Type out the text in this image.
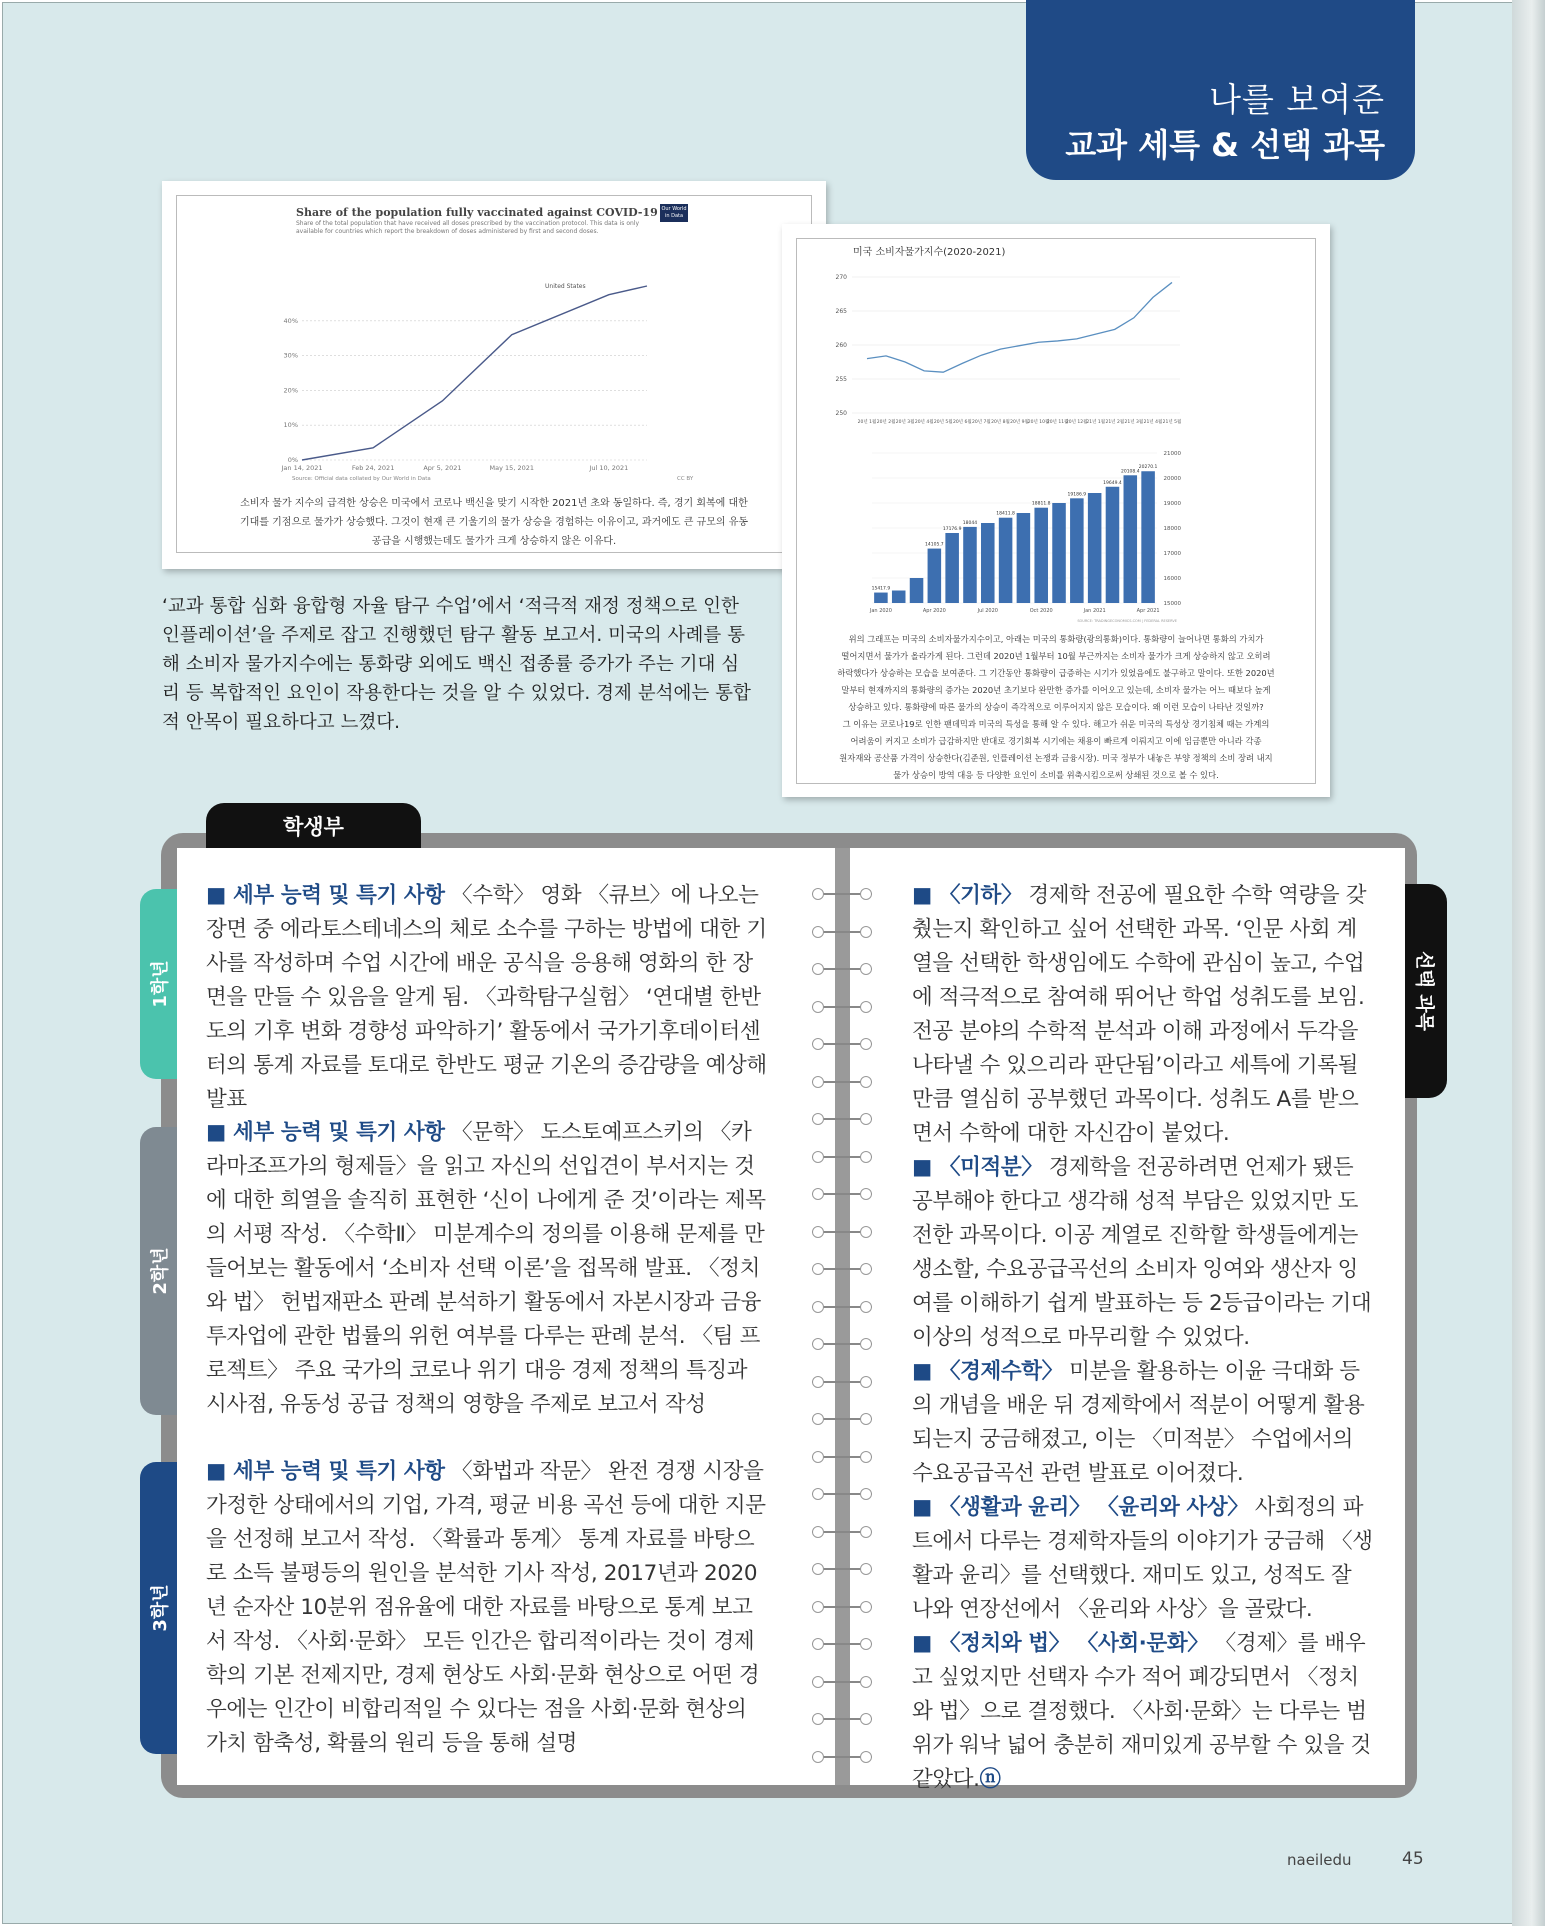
나를 보여준
교과 세특 & 선택 과목
Share of the population fully vaccinated against COVID-19
Share of the total population that have received all doses prescribed by the vaccination protocol. This data is only
available for countries which report the breakdown of doses administered by first and second doses.
Our World in Data
40%
30%
20%
10%
0%
Jan 14, 2021	Feb 24, 2021	Apr 5, 2021	May 15, 2021	Jul 10, 2021
United States
Source: Official data collated by Our World in Data	CC BY
소비자 물가 지수의 급격한 상승은 미국에서 코로나 백신을 맞기 시작한 2021년 초와 동일하다. 즉, 경기 회복에 대한
기대를 기점으로 물가가 상승했다. 그것이 현재 큰 기울기의 물가 상승을 경험하는 이유이고, 과거에도 큰 규모의 유동
공급을 시행했는데도 물가가 크게 상승하지 않은 이유다.
미국 소비자물가지수(2020-2021)
270
265
260
255
250
20년 1월 20년 2월 20년 3월 20년 4월 20년 5월 20년 6월 20년 7월 20년 8월 20년 9월
20년 10월
20년 11월
20년 12월
21년 1월 21년 2월 21년 3월 21년 4월 21년 5월
21000
20000
19000
18000
17000
16000
15000
15417.9
14105.7
17176.9
18044
18411.8
18811.8
19186.9
19649.4
20108.4
20270.1
Jan 2020	Apr 2020	Jul 2020	Oct 2020	Jan 2021	Apr 2021
SOURCE: TRADINGECONOMICS.COM | FEDERAL RESERVE
위의 그래프는 미국의 소비자물가지수이고, 아래는 미국의 통화량(광의통화)이다. 통화량이 늘어나면 통화의 가치가
떨어지면서 물가가 올라가게 된다. 그런데 2020년 1월부터 10월 부근까지는 소비자 물가가 크게 상승하지 않고 오히려
하락했다가 상승하는 모습을 보여준다. 그 기간동안 통화량이 급증하는 시기가 있었음에도 불구하고 말이다. 또한 2020년
말부터 현재까지의 통화량의 증가는 2020년 초기보다 완만한 증가를 이어오고 있는데, 소비자 물가는 어느 때보다 높게
상승하고 있다. 통화량에 따른 물가의 상승이 즉각적으로 이루어지지 않은 모습이다. 왜 이런 모습이 나타난 것일까?
그 이유는 코로나19로 인한 팬데믹과 미국의 특성을 통해 알 수 있다. 해고가 쉬운 미국의 특성상 경기침체 때는 가계의
어려움이 커지고 소비가 급감하지만 반대로 경기회복 시기에는 채용이 빠르게 이뤄지고 이에 임금뿐만 아니라 각종
원자재와 공산품 가격이 상승한다(김준원, 인플레이션 논쟁과 금융시장). 미국 정부가 내놓은 부양 정책의 소비 장려 내지
물가 상승이 방역 대응 등 다양한 요인이 소비를 위축시킴으로써 상쇄된 것으로 볼 수 있다.
‘교과 통합 심화 융합형 자율 탐구 수업’에서 ‘적극적 재정 정책으로 인한 인플레이션’을 주제로 잡고 진행했던 탐구 활동 보고서. 미국의 사례를 통해 소비자 물가지수에는 통화량 외에도 백신 접종률 증가가 주는 기대 심리 등 복합적인 요인이 작용한다는 것을 알 수 있었다. 경제 분석에는 통합적 안목이 필요하다고 느꼈다.
학생부
1학년
2학년
3학년
선택 과목
■ 세부 능력 및 특기 사항 〈수학〉 영화 〈큐브〉에 나오는 장면 중 에라토스테네스의 체로 소수를 구하는 방법에 대한 기사를 작성하며 수업 시간에 배운 공식을 응용해 영화의 한 장면을 만들 수 있음을 알게 됨. 〈과학탐구실험〉 ‘연대별 한반도의 기후 변화 경향성 파악하기’ 활동에서 국가기후데이터센터의 통계 자료를 토대로 한반도 평균 기온의 증감량을 예상해 발표
■ 세부 능력 및 특기 사항 〈문학〉 도스토예프스키의 〈카라마조프가의 형제들〉을 읽고 자신의 선입견이 부서지는 것에 대한 희열을 솔직히 표현한 ‘신이 나에게 준 것’이라는 제목의 서평 작성. 〈수학Ⅱ〉 미분계수의 정의를 이용해 문제를 만들어보는 활동에서 ‘소비자 선택 이론’을 접목해 발표. 〈정치와 법〉 헌법재판소 판례 분석하기 활동에서 자본시장과 금융투자업에 관한 법률의 위헌 여부를 다루는 판례 분석. 〈팀 프로젝트〉 주요 국가의 코로나 위기 대응 경제 정책의 특징과 시사점, 유동성 공급 정책의 영향을 주제로 보고서 작성
■ 세부 능력 및 특기 사항 〈화법과 작문〉 완전 경쟁 시장을 가정한 상태에서의 기업, 가격, 평균 비용 곡선 등에 대한 지문을 선정해 보고서 작성. 〈확률과 통계〉 통계 자료를 바탕으로 소득 불평등의 원인을 분석한 기사 작성, 2017년과 2020년 순자산 10분위 점유율에 대한 자료를 바탕으로 통계 보고서 작성. 〈사회·문화〉 모든 인간은 합리적이라는 것이 경제학의 기본 전제지만, 경제 현상도 사회·문화 현상으로 어떤 경우에는 인간이 비합리적일 수 있다는 점을 사회·문화 현상의 가치 함축성, 확률의 원리 등을 통해 설명
■ 〈기하〉 경제학 전공에 필요한 수학 역량을 갖췄는지 확인하고 싶어 선택한 과목. ‘인문 사회 계열을 선택한 학생임에도 수학에 관심이 높고, 수업에 적극적으로 참여해 뛰어난 학업 성취도를 보임. 전공 분야의 수학적 분석과 이해 과정에서 두각을 나타낼 수 있으리라 판단됨’이라고 세특에 기록될 만큼 열심히 공부했던 과목이다. 성취도 A를 받으면서 수학에 대한 자신감이 붙었다.
■ 〈미적분〉 경제학을 전공하려면 언제가 됐든 공부해야 한다고 생각해 성적 부담은 있었지만 도전한 과목이다. 이공 계열로 진학할 학생들에게는 생소할, 수요공급곡선의 소비자 잉여와 생산자 잉여를 이해하기 쉽게 발표하는 등 2등급이라는 기대 이상의 성적으로 마무리할 수 있었다.
■ 〈경제수학〉 미분을 활용하는 이윤 극대화 등의 개념을 배운 뒤 경제학에서 적분이 어떻게 활용되는지 궁금해졌고, 이는 〈미적분〉 수업에서의 수요공급곡선 관련 발표로 이어졌다.
■ 〈생활과 윤리〉 〈윤리와 사상〉 사회정의 파트에서 다루는 경제학자들의 이야기가 궁금해 〈생활과 윤리〉를 선택했다. 재미도 있고, 성적도 잘 나와 연장선에서 〈윤리와 사상〉을 골랐다.
■ 〈정치와 법〉 〈사회·문화〉 〈경제〉를 배우고 싶었지만 선택자 수가 적어 폐강되면서 〈정치와 법〉으로 결정했다. 〈사회·문화〉는 다루는 범위가 워낙 넓어 충분히 재미있게 공부할 수 있을 것 같았다.ⓝ
naeiledu	45
